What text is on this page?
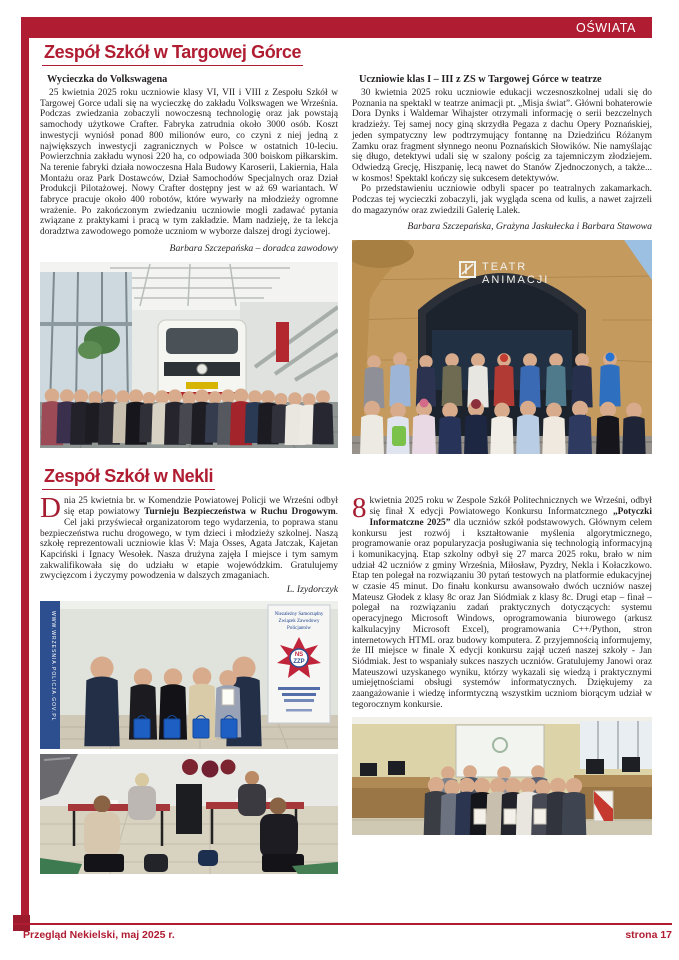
OŚWIATA
Zespół Szkół w Targowej Górce
Wycieczka do Volkswagena

25 kwietnia 2025 roku uczniowie klasy VI, VII i VIII z Zespołu Szkół w Targowej Gorce udali się na wycieczkę do zakładu Volkswagen we Września. Podczas zwiedzania zobaczyli nowoczesną technologię oraz jak powstają samochody użytkowe Crafter. Fabryka zatrudnia około 3000 osób. Koszt inwestycji wyniósł ponad 800 milionów euro, co czyni z niej jedną z największych inwestycji zagranicznych w Polsce w ostatnich 10-leciu. Powierzchnia zakładu wynosi 220 ha, co odpowiada 300 boiskom piłkarskim. Na terenie fabryki działa nowoczesna Hala Budowy Karoserii, Lakiernia, Hala Montażu oraz Park Dostawców, Dział Samochodów Specjalnych oraz Dział Produkcji Pilotażowej. Nowy Crafter dostępny jest w aż 69 wariantach. W fabryce pracuje około 400 robotów, które wywarły na młodzieży ogromne wrażenie. Po zakończonym zwiedzaniu uczniowie mogli zadawać pytania związane z praktykami i pracą w tym zakładzie. Mam nadzieję, że ta lekcja doradztwa zawodowego pomoże uczniom w wyborze dalszej drogi życiowej.

Barbara Szczepańska – doradca zawodowy
Uczniowie klas I – III z ZS w Targowej Górce w teatrze

30 kwietnia 2025 roku uczniowie edukacji wczesnoszkolnej udali się do Poznania na spektakl w teatrze animacji pt. „Misja świat”. Główni bohaterowie Dora Dynks i Waldemar Wihajster otrzymali informację o serii bezczelnych kradzieży. Tej samej nocy giną skrzydła Pegaza z dachu Opery Poznańskiej, jeden sympatyczny lew podtrzymujący fontannę na Dziedzińcu Różanym Zamku oraz fragment słynnego neonu Poznańskich Słowików. Nie namyślając się długo, detektywi udali się w szalony pościg za tajemniczym złodziejem. Odwiedzą Grecję, Hiszpanię, lecą nawet do Stanów Zjednoczonych, a także... w kosmos! Spektakl kończy się sukcesem detektywów.

Po przedstawieniu uczniowie odbyli spacer po teatralnych zakamarkach. Podczas tej wycieczki zobaczyli, jak wygląda scena od kulis, a nawet zajrzeli do magazynów oraz zwiedzili Galerię Lalek.

Barbara Szczepańska, Grażyna Jaskułecka i Barbara Stawowa
TEATR
ANIMACJI
Zespół Szkół w Nekli

Dnia 25 kwietnia br. w Komendzie Powiatowej Policji we Wrześni odbył się etap powiatowy Turnieju Bezpieczeństwa w Ruchu Drogowym. Cel jaki przyświecał organizatorom tego wydarzenia, to poprawa stanu bezpieczeństwa ruchu drogowego, w tym dzieci i młodzieży szkolnej. Naszą szkołę reprezentowali uczniowie klas V: Maja Osses, Agata Jatczak, Kajetan Kapciński i Ignacy Wesołek. Nasza drużyna zajęła I miejsce i tym samym zakwalifikowała się do udziału w etapie wojewódzkim. Gratulujemy zwycięzcom i życzymy powodzenia w dalszych zmaganiach.

L. Izydorczyk
WWW.WRZESNIA.POLICJA.GOV.PL	Niezależny Samorządny
Związek Zawodowy
Policjantów
NS
ZZP

8 kwietnia 2025 roku w Zespole Szkół Politechnicznych we Wrześni, odbył się finał X edycji Powiatowego Konkursu Informatcznego „Potyczki Informatczne 2025” dla uczniów szkół podstawowych. Głównym celem konkursu jest rozwój i kształtowanie myślenia algorytmicznego, programowanie oraz popularyzacja posługiwania się technologią informacyjną i komunikacyjną. Etap szkolny odbył się 27 marca 2025 roku, brało w nim udział 42 uczniów z gminy Września, Miłosław, Pyzdry, Nekla i Kołaczkowo. Etap ten polegał na rozwiązaniu 30 pytań testowych na platformie edukacyjnej w czasie 45 minut. Do finału konkursu awansowało dwóch uczniów naszej Mateusz Głodek z klasy 8c oraz Jan Siódmiak z klasy 8c. Drugi etap – finał – polegał na rozwiązaniu zadań praktycznych dotyczących: systemu operacyjnego Microsoft Windows, oprogramowania biurowego (arkusz kalkulacyjny Microsoft Excel), programowania C++/Python, stron internetowych HTML oraz budowy komputera. Z przyjemnością informujemy, że III miejsce w finale X edycji konkursu zajął uczeń naszej szkoły - Jan Siódmiak. Jest to wspaniały sukces naszych uczniów. Gratulujemy Janowi oraz Mateuszowi uzyskanego wyniku, którzy wykazali się wiedzą i praktycznymi umiejętnościami obsługi systemów informatycznych. Dziękujemy za zaangażowanie i wiedzę informtyczną wszystkim uczniom biorącym udział w tegorocznym konkursie.

Przegląd Nekielski, maj 2025 r.	strona 17
